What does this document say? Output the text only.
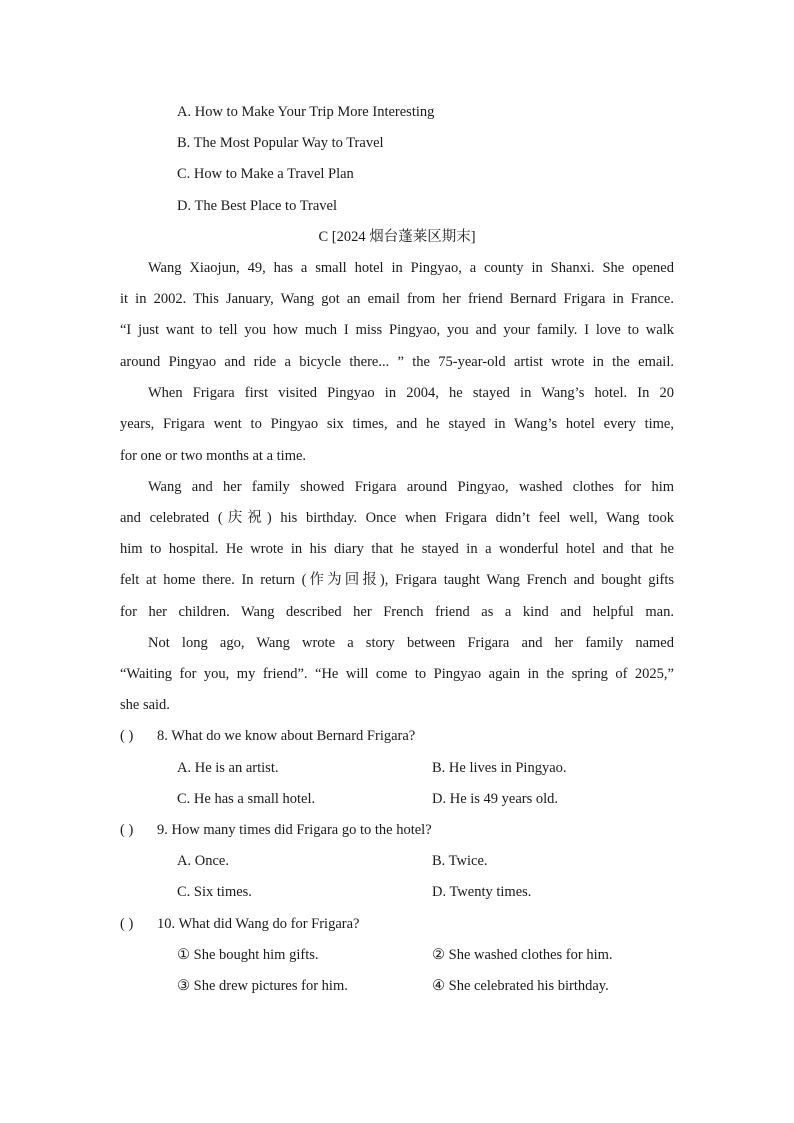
A. How to Make Your Trip More Interesting
B. The Most Popular Way to Travel
C. How to Make a Travel Plan
D. The Best Place to Travel
C [2024 烟台蓬莱区期末]
Wang Xiaojun, 49, has a small hotel in Pingyao, a county in Shanxi. She opened
it in 2002. This January, Wang got an email from her friend Bernard Frigara in France.
“I just want to tell you how much I miss Pingyao, you and your family. I love to walk
around Pingyao and ride a bicycle there... ” the 75-year-old artist wrote in the email.
When Frigara first visited Pingyao in 2004, he stayed in Wang’s hotel. In 20
years, Frigara went to Pingyao six times, and he stayed in Wang’s hotel every time,
for one or two months at a time.
Wang and her family showed Frigara around Pingyao, washed clothes for him
and celebrated (庆祝) his birthday. Once when Frigara didn’t feel well, Wang took
him to hospital. He wrote in his diary that he stayed in a wonderful hotel and that he
felt at home there. In return (作为回报), Frigara taught Wang French and bought gifts
for her children. Wang described her French friend as a kind and helpful man.
Not long ago, Wang wrote a story between Frigara and her family named
“Waiting for you, my friend”. “He will come to Pingyao again in the spring of 2025,”
she said.
( ) 8. What do we know about Bernard Frigara?
A. He is an artist.	B. He lives in Pingyao.
C. He has a small hotel.	D. He is 49 years old.
( ) 9. How many times did Frigara go to the hotel?
A. Once.	B. Twice.
C. Six times.	D. Twenty times.
( ) 10. What did Wang do for Frigara?
① She bought him gifts.	② She washed clothes for him.
③ She drew pictures for him.	④ She celebrated his birthday.
